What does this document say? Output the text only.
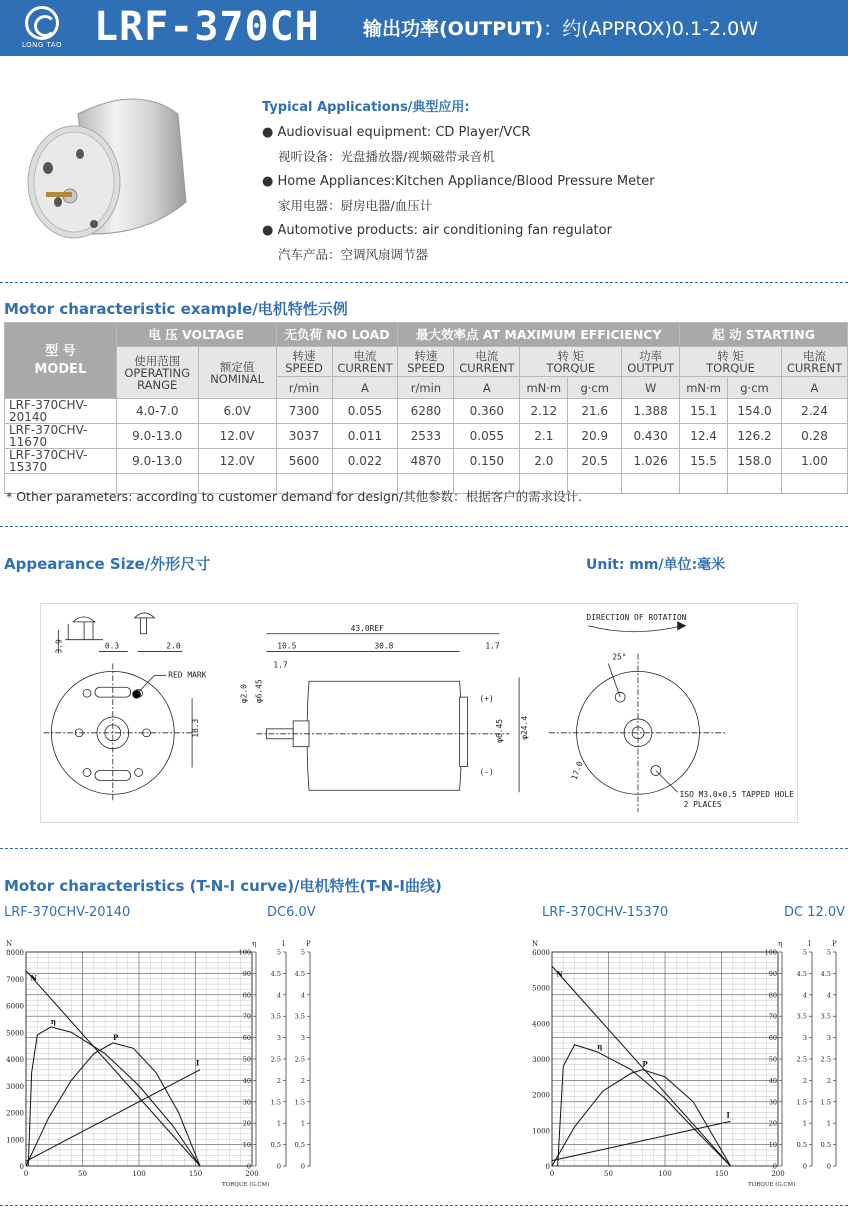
LONG TAO LRF-370CH 输出功率(OUTPUT)：约(APPROX)0.1-2.0W
Typical Applications/典型应用:
● Audiovisual equipment: CD Player/VCR
视听设备：光盘播放器/视频磁带录音机
● Home Appliances:Kitchen Appliance/Blood Pressure Meter
家用电器：厨房电器/血压计
● Automotive products: air conditioning fan regulator
汽车产品：空调风扇调节器
Motor characteristic example/电机特性示例
型 号
MODEL	电 压 VOLTAGE		无负荷 NO LOAD		最大效率点 AT MAXIMUM EFFICIENCY					起 动 STARTING		
	使用范围
OPERATING
RANGE	额定值
NOMINAL	转速
SPEED	电流
CURRENT	转速
SPEED	电流
CURRENT	转 矩
TORQUE		功率
OUTPUT	转 矩
TORQUE		电流
CURRENT
			r/min	A	r/min	A	mN·m	g·cm	W	mN·m	g·cm	A
LRF-370CHV-20140	4.0-7.0	6.0V	7300	0.055	6280	0.360	2.12	21.6	1.388	15.1	154.0	2.24
LRF-370CHV-11670	9.0-13.0	12.0V	3037	0.011	2533	0.055	2.1	20.9	0.430	12.4	126.2	0.28
LRF-370CHV-15370	9.0-13.0	12.0V	5600	0.022	4870	0.150	2.0	20.5	1.026	15.5	158.0	1.00

* Other parameters: according to customer demand for design/其他参数：根据客户的需求设计.
Appearance Size/外形尺寸	Unit: mm/单位:毫米
3.9	0.3	2.0
RED MARK
18.3
43.0REF
10.5	30.8	1.7
1.7
φ2.0 φ6.45	(+)
(-)
φ6.45 φ24.4
DIRECTION OF ROTATION
25°
17.0
ISO M3.0×0.5 TAPPED HOLE
2 PLACES
Motor characteristics (T-N-I curve)/电机特性(T-N-I曲线)
LRF-370CHV-20140	DC6.0V	LRF-370CHV-15370	DC 12.0V
0
1000
2000
3000
4000
5000
6000
7000
8000
0	50	100	150	200
TORQUE (G.CM)
0
10
20
30
40
50
60
70
80
90
100
0
0.5
1
1.5
2
2.5
3
3.5
4
4.5
5
0
0.5
1
1.5
2
2.5
3
3.5
4
4.5
5
η	I	P
N
N
η
P
I
0
1000
2000
3000
4000
5000
6000
0	50	100	150	200
TORQUE (G.CM)
0
10
20
30
40
50
60
70
80
90
100
0
0.5
1
1.5
2
2.5
3
3.5
4
4.5
5
0
0.5
1
1.5
2
2.5
3
3.5
4
4.5
5
η	I	P
N
N
η
P
I
